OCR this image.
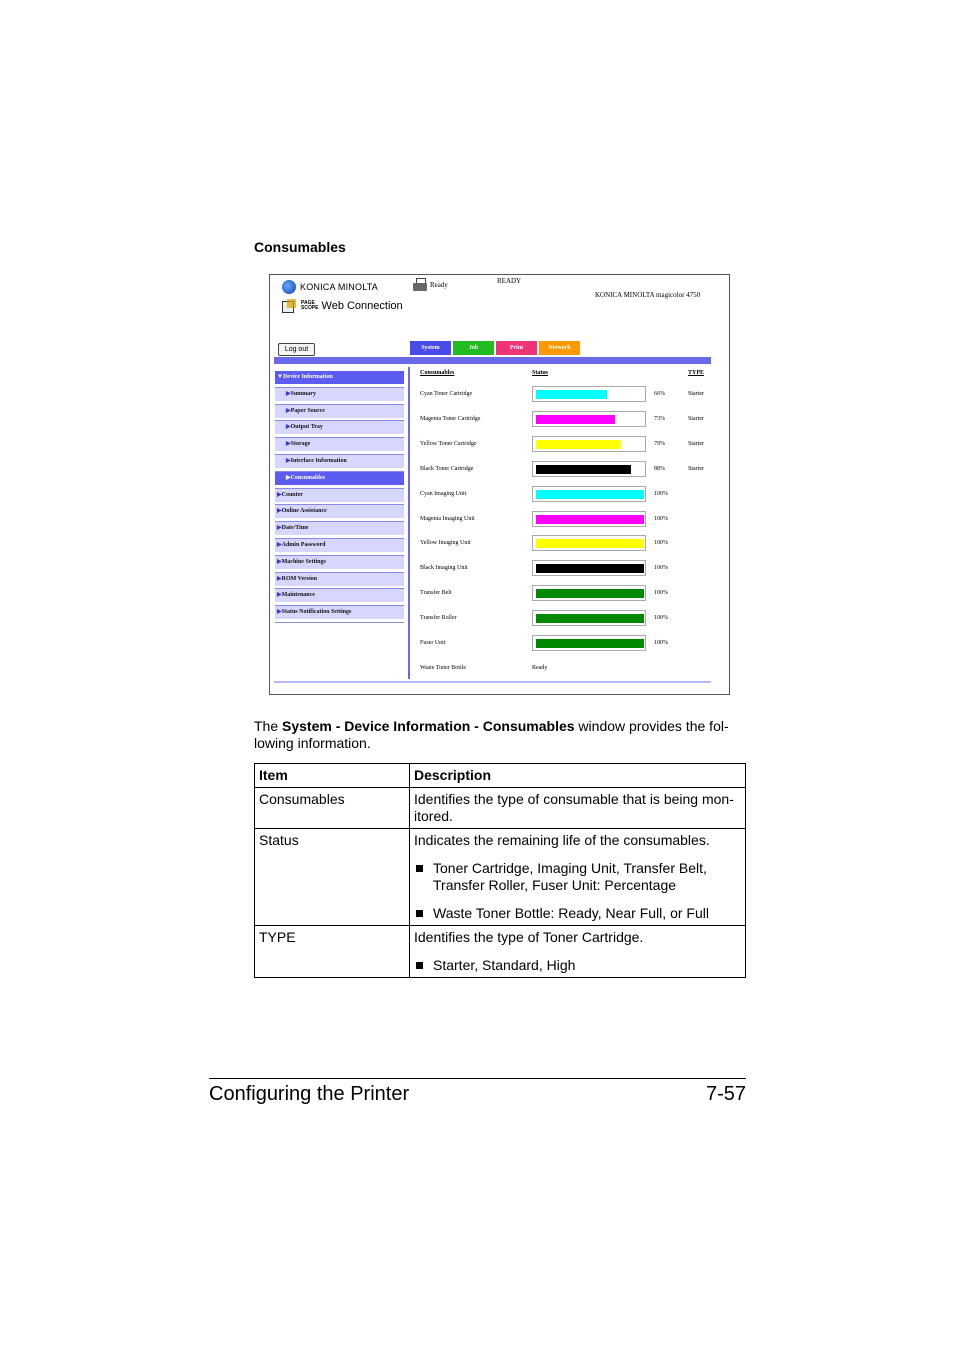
Consumables
KONICA MINOLTA
PAGE
SCOPE Web Connection
Ready	READY
KONICA MINOLTA magicolor 4750
Log out	System	Job	Print	Network
▼Device Information
▶Summary
▶Paper Source
▶Output Tray
▶Storage
▶Interface Information
▶Consumables
▶Counter
▶Online Assistance
▶Date/Time
▶Admin Password
▶Machine Settings
▶ROM Version
▶Maintenance
▶Status Notification Settings
Consumables	Status	TYPE
Cyan Toner Cartridge	66%	Starter
Magenta Toner Cartridge	73%	Starter
Yellow Toner Cartridge	79%	Starter
Black Toner Cartridge	88%	Starter
Cyan Imaging Unit	100%
Magenta Imaging Unit	100%
Yellow Imaging Unit	100%
Black Imaging Unit	100%
Transfer Belt	100%
Transfer Roller	100%
Fuser Unit	100%
Waste Toner Bottle	Ready
The System - Device Information - Consumables window provides the fol-lowing information.
Item	Description
Consumables	Identifies the type of consumable that is being mon-itored.

Status	Indicates the remaining life of the consumables.
Toner Cartridge, Imaging Unit, Transfer Belt, Transfer Roller, Fuser Unit: Percentage
Waste Toner Bottle: Ready, Near Full, or Full

TYPE	Identifies the type of Toner Cartridge.
Starter, Standard, High
Configuring the Printer	7-57
